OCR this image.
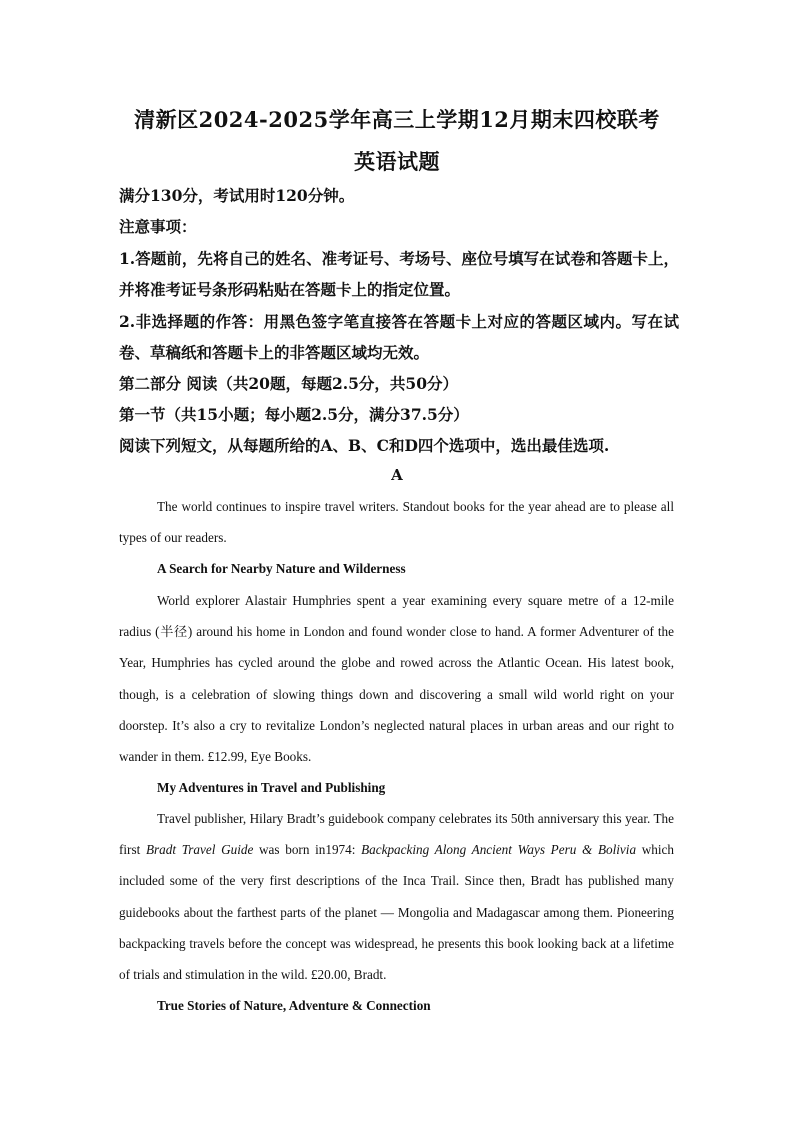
清新区2024-2025学年高三上学期12月期末四校联考
英语试题
满分130分，考试用时120分钟。
注意事项：
1.答题前，先将自己的姓名、准考证号、考场号、座位号填写在试卷和答题卡上，
并将准考证号条形码粘贴在答题卡上的指定位置。
2.非选择题的作答：用黑色签字笔直接答在答题卡上对应的答题区域内。写在试
卷、草稿纸和答题卡上的非答题区域均无效。
第二部分 阅读（共20题，每题2.5分，共50分）
第一节（共15小题；每小题2.5分，满分37.5分）
阅读下列短文，从每题所给的A、B、C和D四个选项中，选出最佳选项.
A

The world continues to inspire travel writers. Standout books for the year ahead are to please all types of our readers.

A Search for Nearby Nature and Wilderness

World explorer Alastair Humphries spent a year examining every square metre of a 12-mile radius (半径) around his home in London and found wonder close to hand. A former Adventurer of the Year, Humphries has cycled around the globe and rowed across the Atlantic Ocean. His latest book, though, is a celebration of slowing things down and discovering a small wild world right on your doorstep. It’s also a cry to revitalize London’s neglected natural places in urban areas and our right to wander in them. £12.99, Eye Books.

My Adventures in Travel and Publishing

Travel publisher, Hilary Bradt’s guidebook company celebrates its 50th anniversary this year. The first Bradt Travel Guide was born in1974: Backpacking Along Ancient Ways Peru & Bolivia which included some of the very first descriptions of the Inca Trail. Since then, Bradt has published many guidebooks about the farthest parts of the planet — Mongolia and Madagascar among them. Pioneering backpacking travels before the concept was widespread, he presents this book looking back at a lifetime of trials and stimulation in the wild. £20.00, Bradt.

True Stories of Nature, Adventure & Connection
